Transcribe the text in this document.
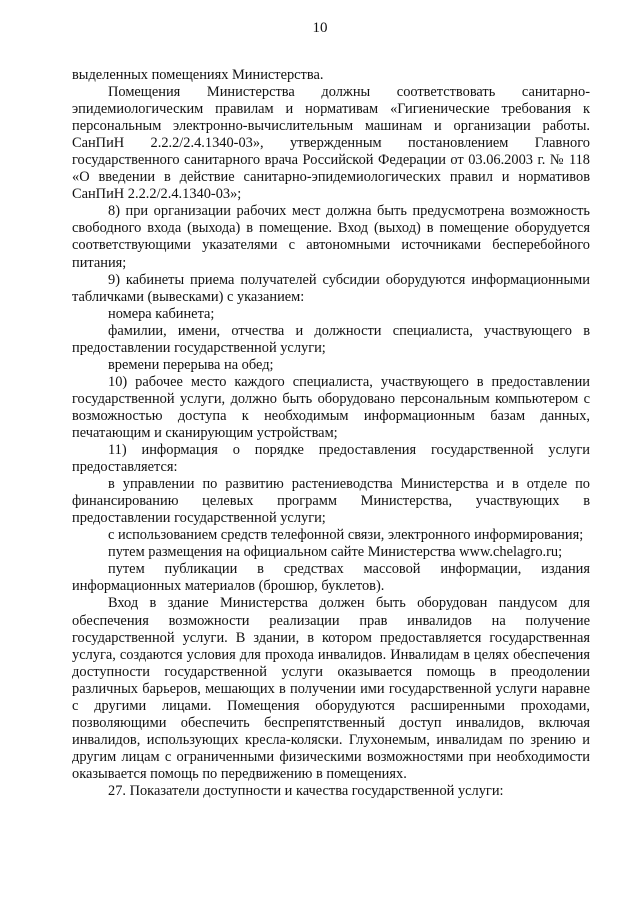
10

выделенных помещениях Министерства.

Помещения Министерства должны соответствовать санитарно-эпидемиологическим правилам и нормативам «Гигиенические требования к персональным электронно-вычислительным машинам и организации работы. СанПиН 2.2.2/2.4.1340-03», утвержденным постановлением Главного государственного санитарного врача Российской Федерации от 03.06.2003 г. № 118 «О введении в действие санитарно-эпидемиологических правил и нормативов СанПиН 2.2.2/2.4.1340-03»;

8) при организации рабочих мест должна быть предусмотрена возможность свободного входа (выхода) в помещение. Вход (выход) в помещение оборудуется соответствующими указателями с автономными источниками бесперебойного питания;

9) кабинеты приема получателей субсидии оборудуются информационными табличками (вывесками) с указанием:

номера кабинета;

фамилии, имени, отчества и должности специалиста, участвующего в предоставлении государственной услуги;

времени перерыва на обед;

10) рабочее место каждого специалиста, участвующего в предоставлении государственной услуги, должно быть оборудовано персональным компьютером с возможностью доступа к необходимым информационным базам данных, печатающим и сканирующим устройствам;

11) информация о порядке предоставления государственной услуги предоставляется:

в управлении по развитию растениеводства Министерства и в отделе по финансированию целевых программ Министерства, участвующих в предоставлении государственной услуги;

с использованием средств телефонной связи, электронного информирования;

путем размещения на официальном сайте Министерства www.chelagro.ru;

путем публикации в средствах массовой информации, издания информационных материалов (брошюр, буклетов).

Вход в здание Министерства должен быть оборудован пандусом для обеспечения возможности реализации прав инвалидов на получение государственной услуги. В здании, в котором предоставляется государственная услуга, создаются условия для прохода инвалидов. Инвалидам в целях обеспечения доступности государственной услуги оказывается помощь в преодолении различных барьеров, мешающих в получении ими государственной услуги наравне с другими лицами. Помещения оборудуются расширенными проходами, позволяющими обеспечить беспрепятственный доступ инвалидов, включая инвалидов, использующих кресла-коляски. Глухонемым, инвалидам по зрению и другим лицам с ограниченными физическими возможностями при необходимости оказывается помощь по передвижению в помещениях.

27. Показатели доступности и качества государственной услуги:
